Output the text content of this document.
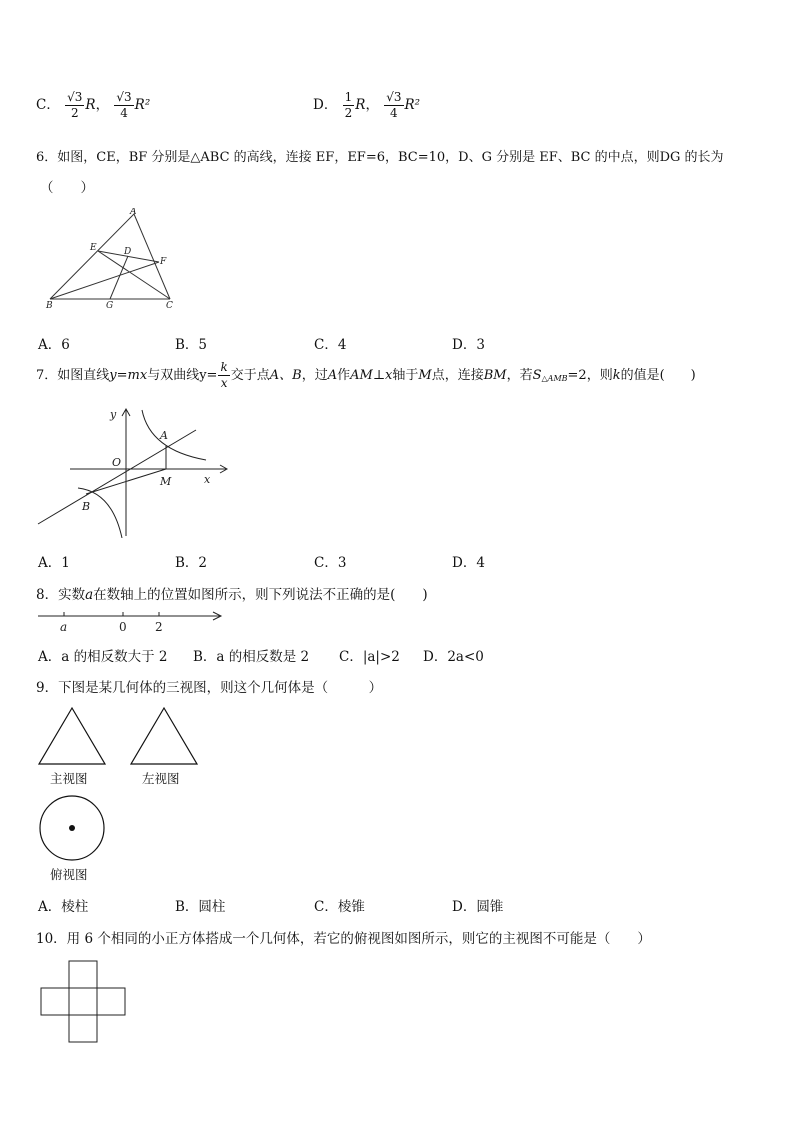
C． $\frac{√3}{2}$ R， $\frac{√3}{4} R^2$	D． $\frac{1}{2}$ R， $\frac{√3}{4} R^2$
6．如图，CE，BF 分别是△ABC 的高线，连接 EF，EF=6，BC=10，D、G 分别是 EF、BC 的中点，则DG 的长为
（　　）
A
E	D
F
B	G	C
A．6	B．5	C．4	D．3
7．如图直线y=mx与双曲线$y= \frac{k}{x}$ 交于点A、B，过A作AM⊥x轴于M点，连接BM，若$S_{\triangle AMB}=2$，则k的值是(　　)
y
O
A
M	x
B
A．1	B．2	C．3	D．4
8．实数a在数轴上的位置如图所示，则下列说法不正确的是(　　)
a	0 2
A．a 的相反数大于 2 B．a 的相反数是 2 C．|a|>2 D．2a<0
9．下图是某几何体的三视图，则这个几何体是（　　　）
主视图	左视图
俯视图
A．棱柱	B．圆柱	C．棱锥	D．圆锥
10．用 6 个相同的小正方体搭成一个几何体，若它的俯视图如图所示，则它的主视图不可能是（　　）
